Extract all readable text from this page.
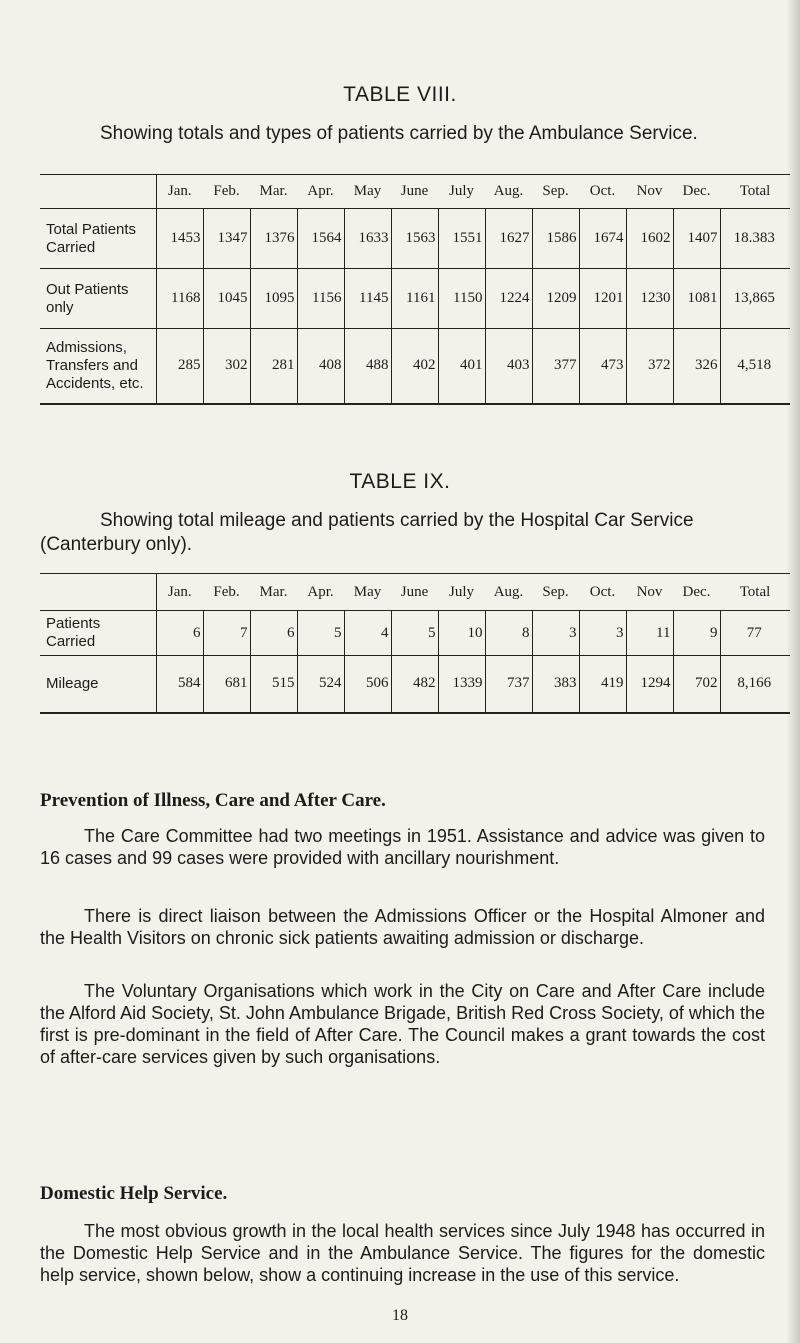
TABLE VIII.
Showing totals and types of patients carried by the Ambulance Service.
	Jan.	Feb.	Mar.	Apr.	May	June	July	Aug.	Sep.	Oct.	Nov	Dec.	Total
Total Patients Carried	1453	1347	1376	1564	1633	1563	1551	1627	1586	1674	1602	1407	18.383
Out Patients only	1168	1045	1095	1156	1145	1161	1150	1224	1209	1201	1230	1081	13,865
Admissions, Transfers and Accidents, etc.	285	302	281	408	488	402	401	403	377	473	372	326	4,518
TABLE IX.
Showing total mileage and patients carried by the Hospital Car Service (Canterbury only).
	Jan.	Feb.	Mar.	Apr.	May	June	July	Aug.	Sep.	Oct.	Nov	Dec.	Total
Patients Carried	6	7	6	5	4	5	10	8	3	3	11	9	77
Mileage	584	681	515	524	506	482	1339	737	383	419	1294	702	8,166
Prevention of Illness, Care and After Care.

The Care Committee had two meetings in 1951. Assistance and advice was given to 16 cases and 99 cases were provided with ancillary nourishment.

There is direct liaison between the Admissions Officer or the Hospital Almoner and the Health Visitors on chronic sick patients awaiting admission or discharge.

The Voluntary Organisations which work in the City on Care and After Care include the Alford Aid Society, St. John Ambulance Brigade, British Red Cross Society, of which the first is pre-dominant in the field of After Care. The Council makes a grant towards the cost of after-care services given by such organisations.

Domestic Help Service.

The most obvious growth in the local health services since July 1948 has occurred in the Domestic Help Service and in the Ambulance Service. The figures for the domestic help service, shown below, show a continuing increase in the use of this service.

18
